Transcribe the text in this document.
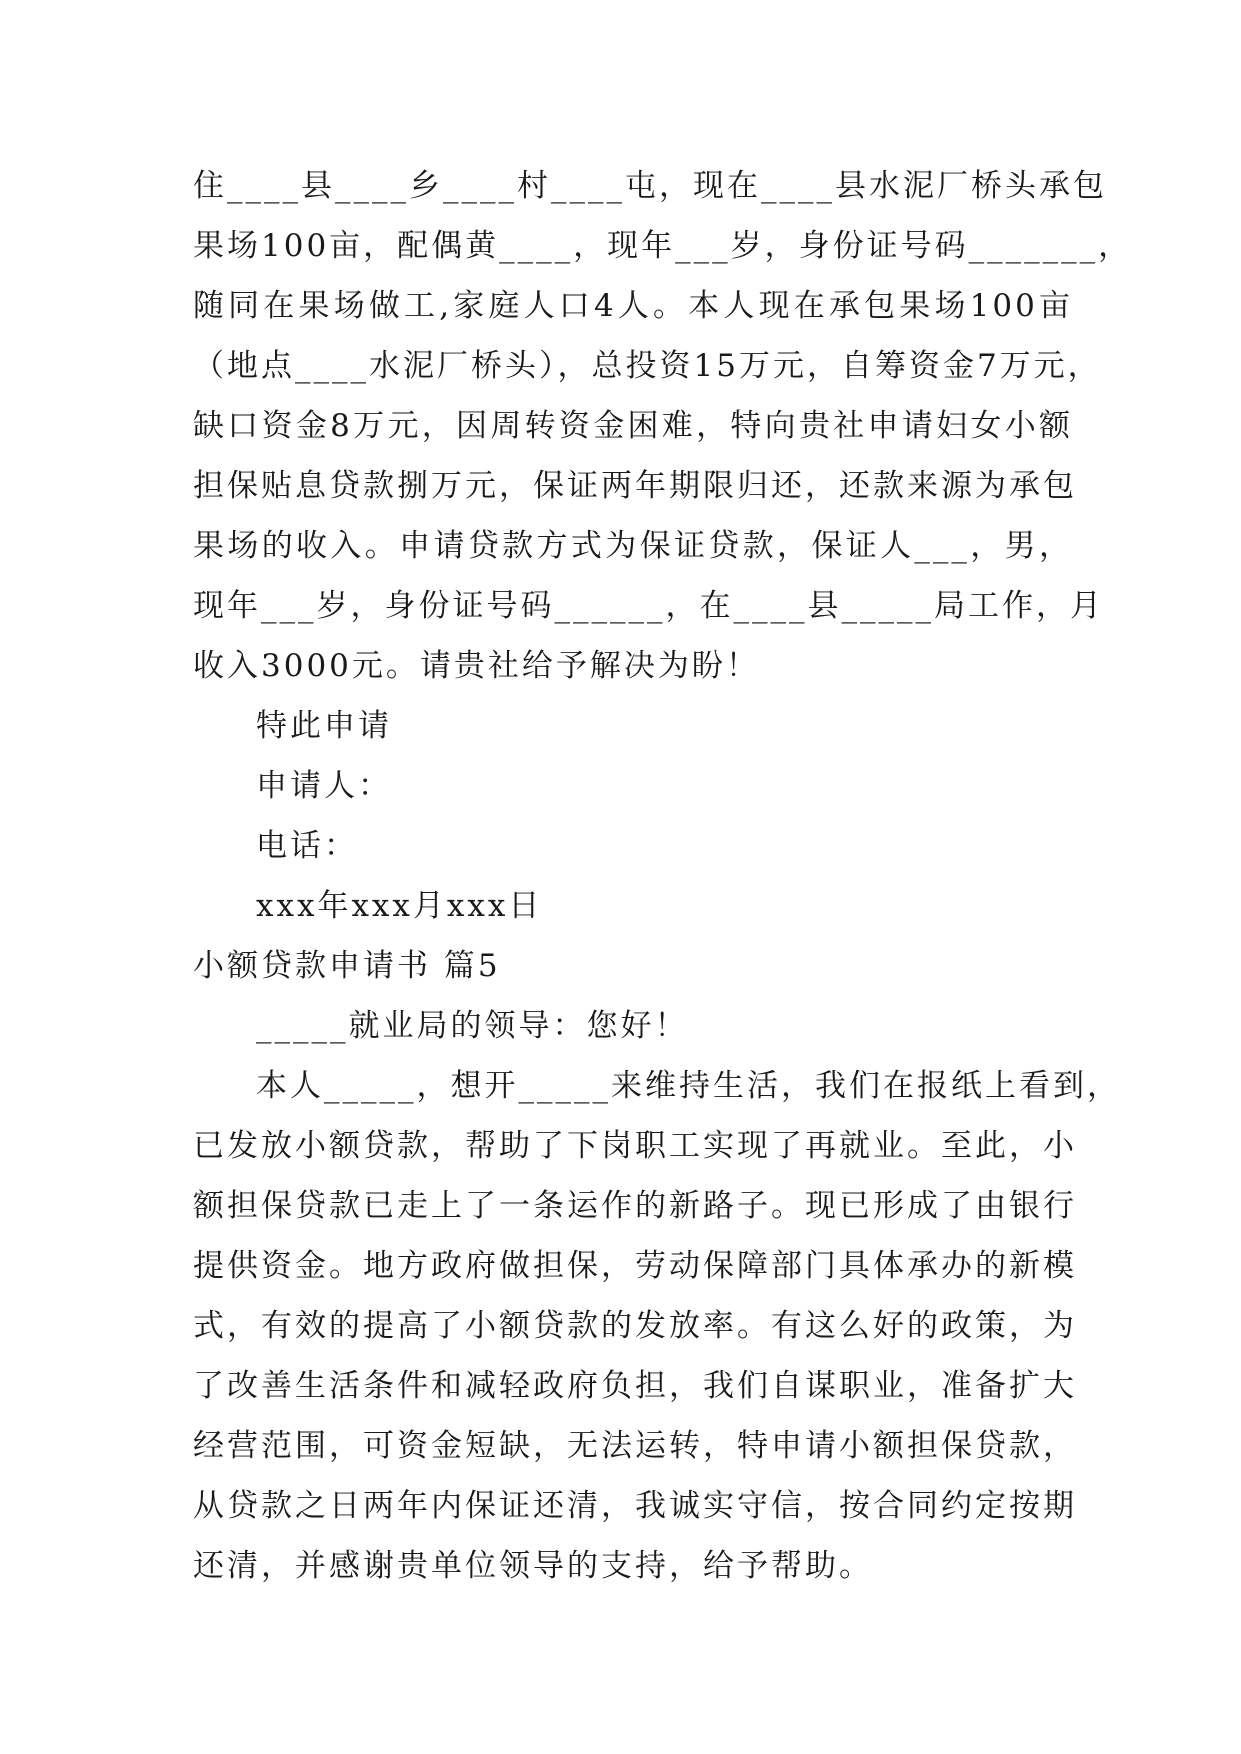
住____县____乡____村____屯，现在____县水泥厂桥头承包
果场100亩，配偶黄____，现年___岁，身份证号码_______，
随同在果场做工,家庭人口4人。本人现在承包果场100亩
（地点____水泥厂桥头），总投资15万元，自筹资金7万元，
缺口资金8万元，因周转资金困难，特向贵社申请妇女小额
担保贴息贷款捌万元，保证两年期限归还，还款来源为承包
果场的收入。申请贷款方式为保证贷款，保证人___，男，
现年___岁，身份证号码______，在____县_____局工作，月
收入3000元。请贵社给予解决为盼！
特此申请
申请人：
电话：
xxx年xxx月xxx日
小额贷款申请书 篇5
_____就业局的领导：您好！
本人_____，想开_____来维持生活，我们在报纸上看到，
已发放小额贷款，帮助了下岗职工实现了再就业。至此，小
额担保贷款已走上了一条运作的新路子。现已形成了由银行
提供资金。地方政府做担保，劳动保障部门具体承办的新模
式，有效的提高了小额贷款的发放率。有这么好的政策，为
了改善生活条件和减轻政府负担，我们自谋职业，准备扩大
经营范围，可资金短缺，无法运转，特申请小额担保贷款，
从贷款之日两年内保证还清，我诚实守信，按合同约定按期
还清，并感谢贵单位领导的支持，给予帮助。
